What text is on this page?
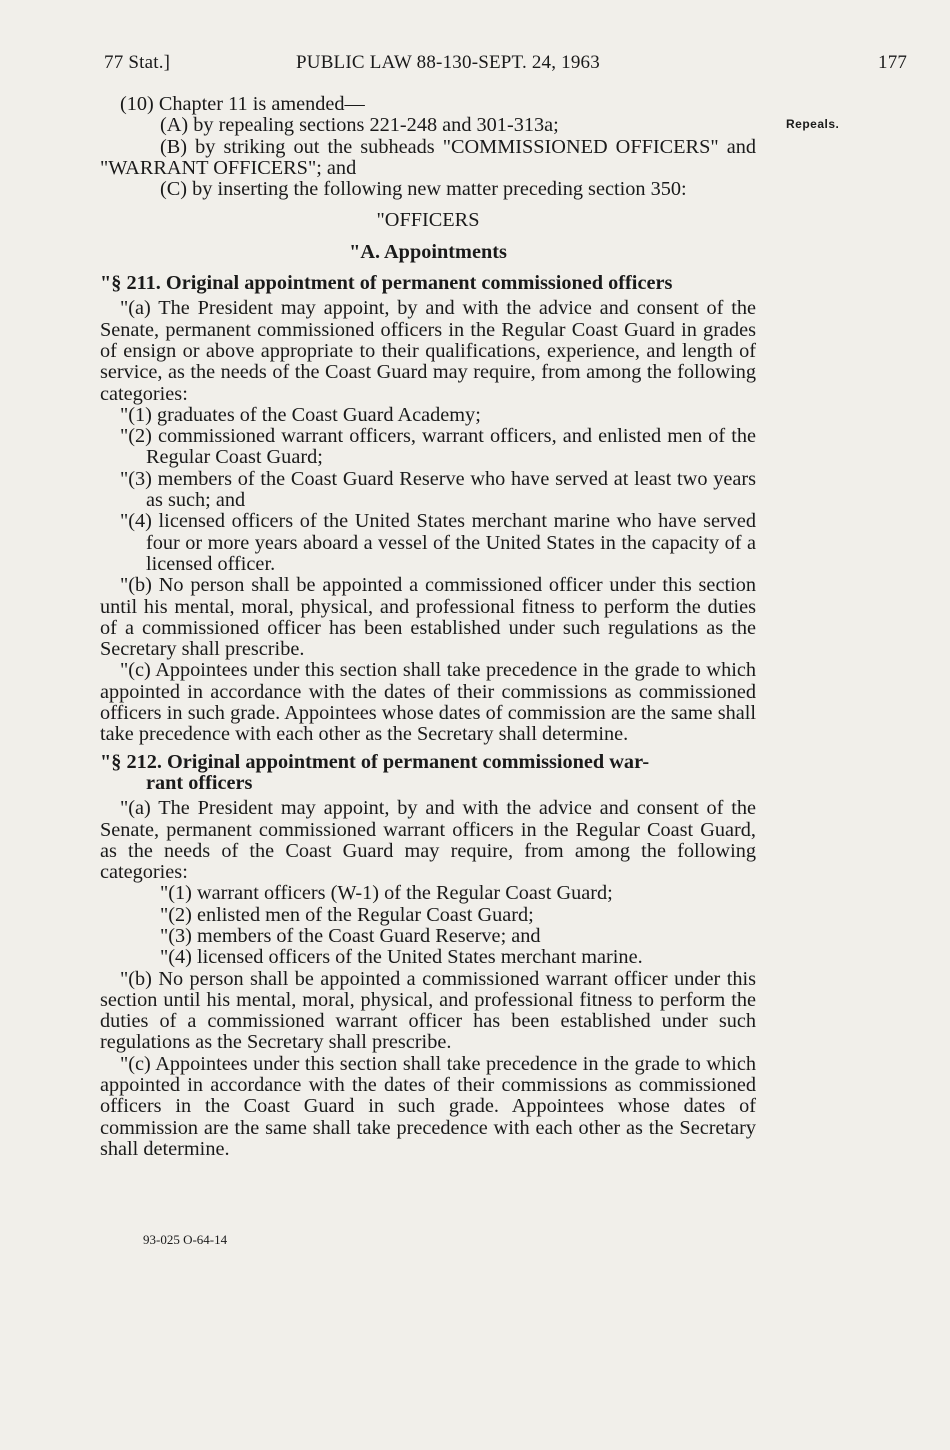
77 Stat.]	PUBLIC LAW 88-130-SEPT. 24, 1963	177
Repeals.

(10) Chapter 11 is amended—

(A) by repealing sections 221-248 and 301-313a;

(B) by striking out the subheads "COMMISSIONED OFFICERS" and "WARRANT OFFICERS"; and

(C) by inserting the following new matter preceding section 350:

"OFFICERS

"A. Appointments

"§ 211. Original appointment of permanent commissioned officers

"(a) The President may appoint, by and with the advice and consent of the Senate, permanent commissioned officers in the Regular Coast Guard in grades of ensign or above appropriate to their qualifications, experience, and length of service, as the needs of the Coast Guard may require, from among the following categories:

"(1) graduates of the Coast Guard Academy;

"(2) commissioned warrant officers, warrant officers, and enlisted men of the Regular Coast Guard;

"(3) members of the Coast Guard Reserve who have served at least two years as such; and

"(4) licensed officers of the United States merchant marine who have served four or more years aboard a vessel of the United States in the capacity of a licensed officer.

"(b) No person shall be appointed a commissioned officer under this section until his mental, moral, physical, and professional fitness to perform the duties of a commissioned officer has been established under such regulations as the Secretary shall prescribe.

"(c) Appointees under this section shall take precedence in the grade to which appointed in accordance with the dates of their commissions as commissioned officers in such grade. Appointees whose dates of commission are the same shall take precedence with each other as the Secretary shall determine.

"§ 212. Original appointment of permanent commissioned war-
rant officers

"(a) The President may appoint, by and with the advice and consent of the Senate, permanent commissioned warrant officers in the Regular Coast Guard, as the needs of the Coast Guard may require, from among the following categories:

"(1) warrant officers (W-1) of the Regular Coast Guard;

"(2) enlisted men of the Regular Coast Guard;

"(3) members of the Coast Guard Reserve; and

"(4) licensed officers of the United States merchant marine.

"(b) No person shall be appointed a commissioned warrant officer under this section until his mental, moral, physical, and professional fitness to perform the duties of a commissioned warrant officer has been established under such regulations as the Secretary shall prescribe.

"(c) Appointees under this section shall take precedence in the grade to which appointed in accordance with the dates of their commissions as commissioned officers in the Coast Guard in such grade. Appointees whose dates of commission are the same shall take precedence with each other as the Secretary shall determine.

93-025 O-64-14
